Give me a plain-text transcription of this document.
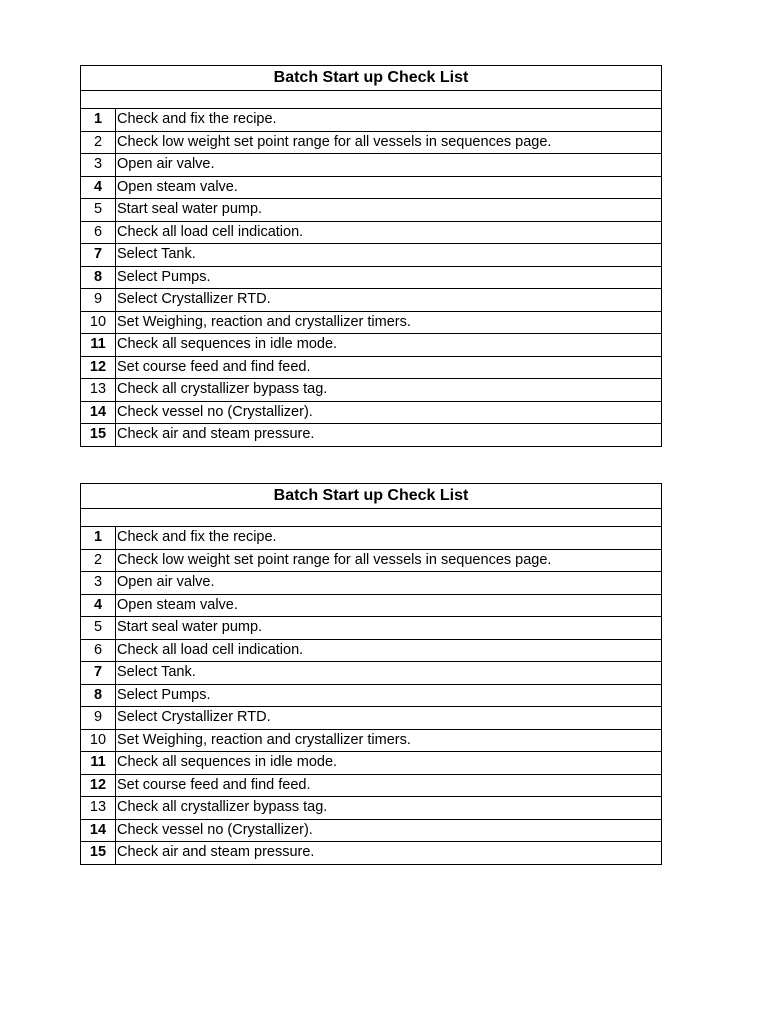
Batch Start up Check List	

1	Check and fix the recipe.
2	Check low weight set point range for all vessels in sequences page.
3	Open air valve.
4	Open steam valve.
5	Start seal water pump.
6	Check all load cell indication.
7	Select Tank.
8	Select Pumps.
9	Select Crystallizer RTD.
10	Set Weighing, reaction and crystallizer timers.
11	Check all sequences in idle mode.
12	Set course feed and find feed.
13	Check all crystallizer bypass tag.
14	Check vessel no (Crystallizer).
15	Check air and steam pressure.
Batch Start up Check List	

1	Check and fix the recipe.
2	Check low weight set point range for all vessels in sequences page.
3	Open air valve.
4	Open steam valve.
5	Start seal water pump.
6	Check all load cell indication.
7	Select Tank.
8	Select Pumps.
9	Select Crystallizer RTD.
10	Set Weighing, reaction and crystallizer timers.
11	Check all sequences in idle mode.
12	Set course feed and find feed.
13	Check all crystallizer bypass tag.
14	Check vessel no (Crystallizer).
15	Check air and steam pressure.
